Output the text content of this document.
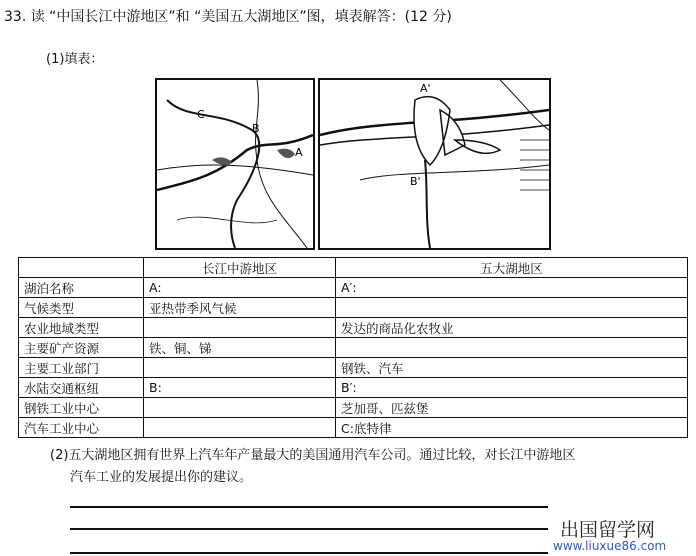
33. 读 “中国长江中游地区”和 “美国五大湖地区”图，填表解答：(12 分)
(1)填表：
C
B
A
A'
B'
	长江中游地区	五大湖地区
湖泊名称	A:	A′:
气候类型	亚热带季风气候	
农业地域类型		发达的商品化农牧业
主要矿产资源	铁、铜、锑	
主要工业部门		钢铁、汽车
水陆交通枢纽	B:	B′:
钢铁工业中心		芝加哥、匹兹堡
汽车工业中心		C:底特律
(2)五大湖地区拥有世界上汽车年产量最大的美国通用汽车公司。通过比较，对长江中游地区
汽车工业的发展提出你的建议。
出国留学网
www.liuxue86.com
